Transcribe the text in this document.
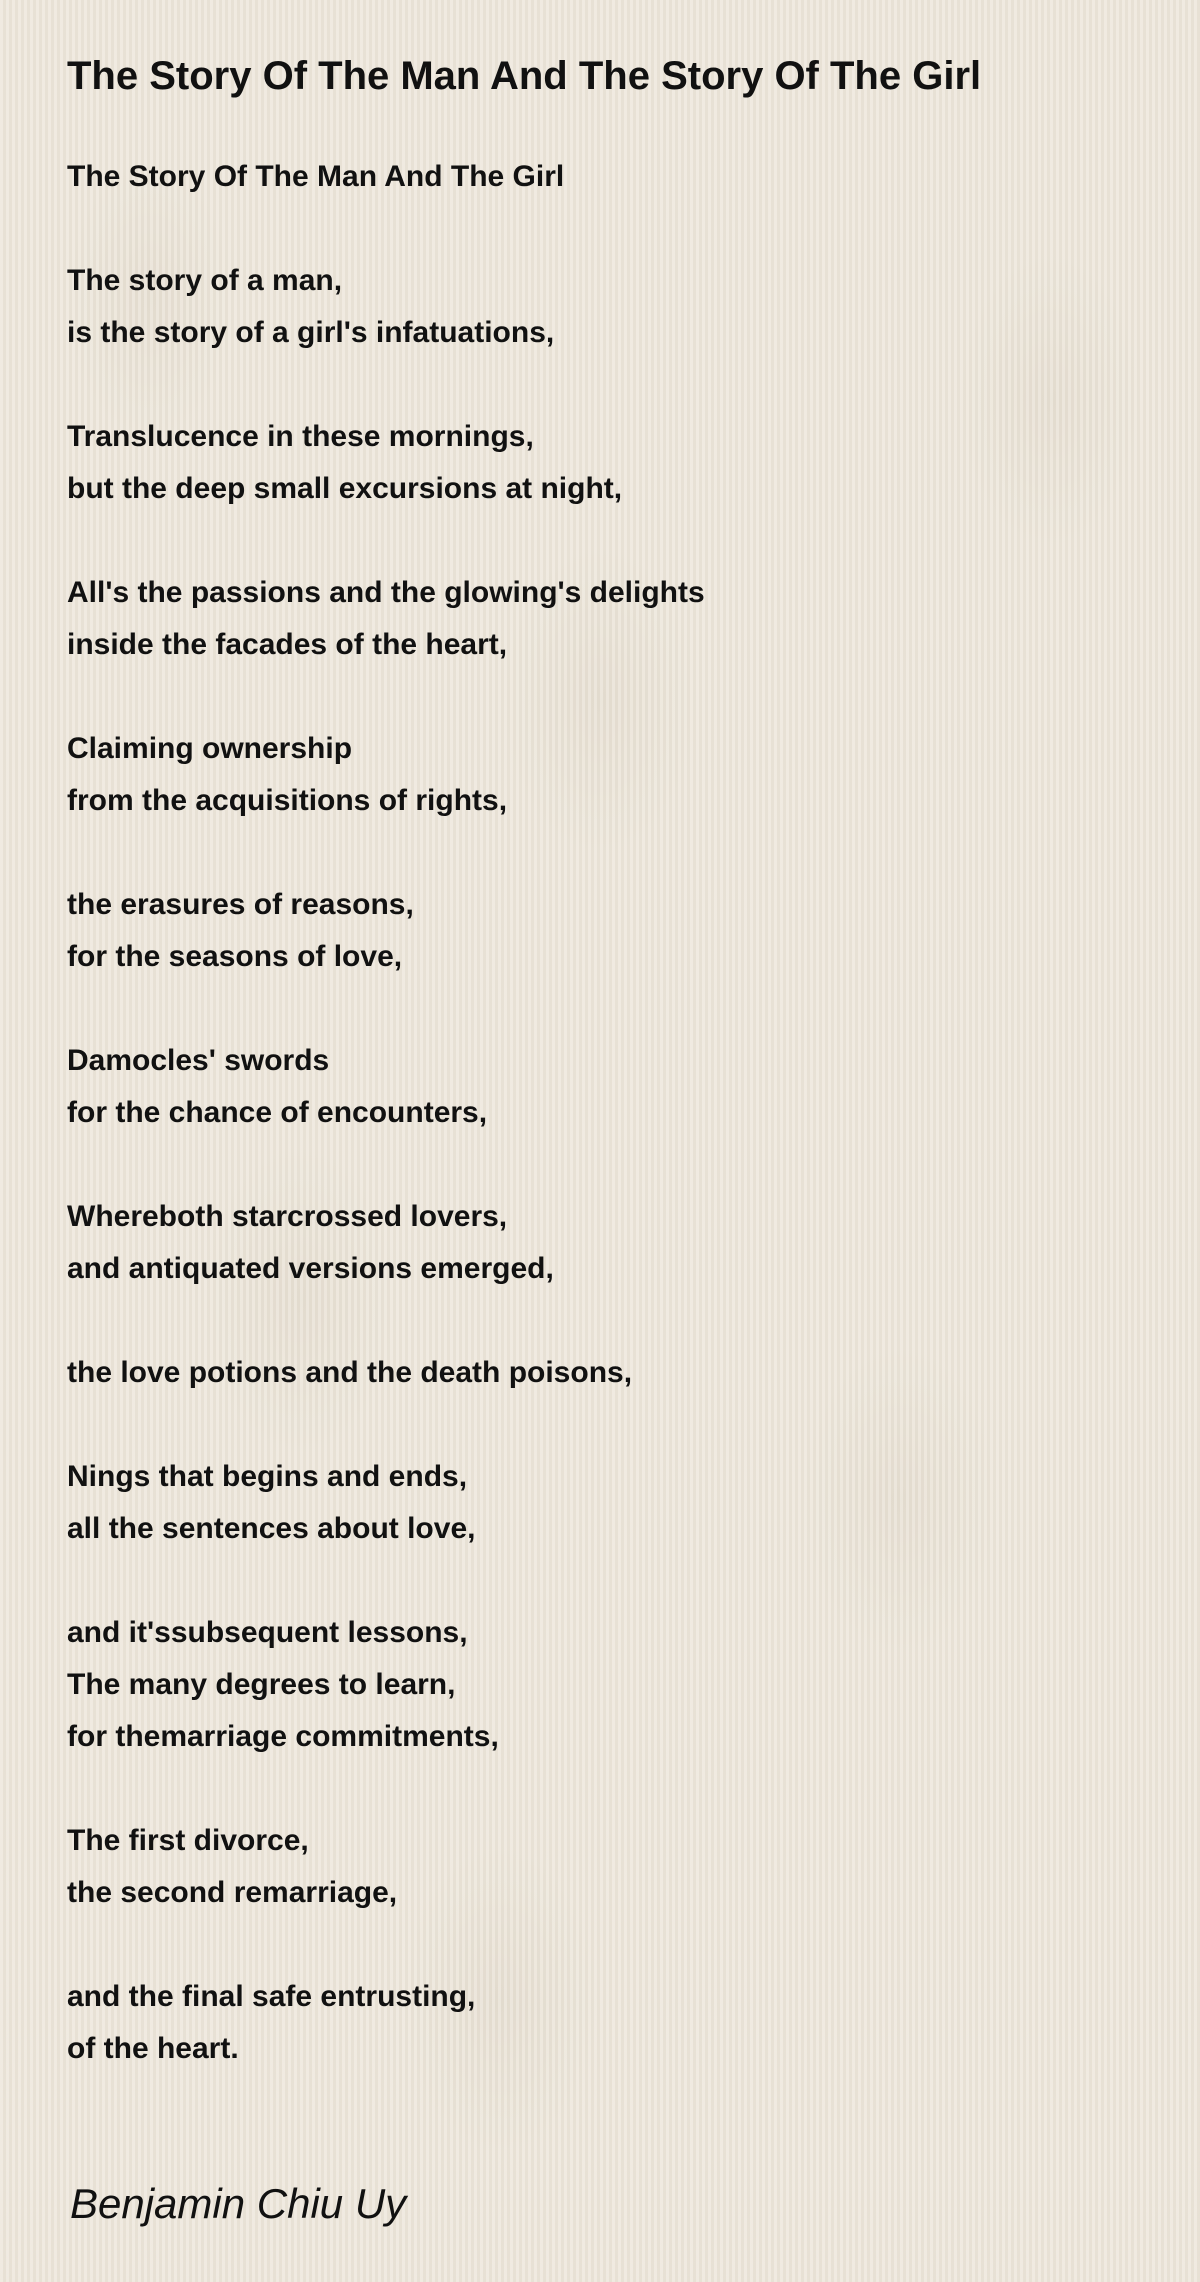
The Story Of The Man And The Story Of The Girl
The Story Of The Man And The Girl
The story of a man,
is the story of a girl's infatuations,
Translucence in these mornings,
but the deep small excursions at night,
All's the passions and the glowing's delights
inside the facades of the heart,
Claiming ownership
from the acquisitions of rights,
the erasures of reasons,
for the seasons of love,
Damocles' swords
for the chance of encounters,
Whereboth starcrossed lovers,
and antiquated versions emerged,
the love potions and the death poisons,
Nings that begins and ends,
all the sentences about love,
and it'ssubsequent lessons,
The many degrees to learn,
for themarriage commitments,
The first divorce,
the second remarriage,
and the final safe entrusting,
of the heart.
Benjamin Chiu Uy
